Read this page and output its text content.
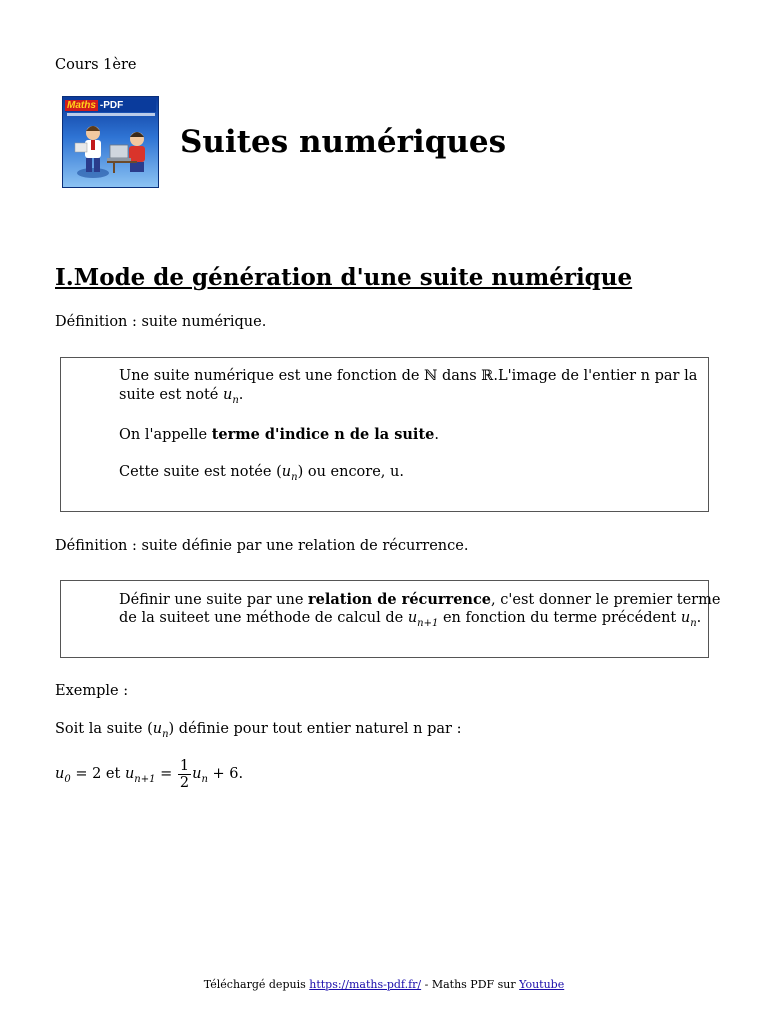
Cours 1ère
Maths -PDF
Suites numériques
I.Mode de génération d'une suite numérique
Définition : suite numérique.
Une suite numérique est une fonction de ℕ dans ℝ.L'image de l'entier n par la
suite est noté $u_n$.
On l'appelle terme d'indice n de la suite.
Cette suite est notée $(u_n)$ ou encore, u.
Définition : suite définie par une relation de récurrence.
Définir une suite par une relation de récurrence, c'est donner le premier terme
de la suiteet une méthode de calcul de $u_{n+1}$ en fonction du terme précédent $u_n$.
Exemple :
Soit la suite $(u_n)$ définie pour tout entier naturel n par :
$u_0 = 2$ et $u_{n+1} = \frac{1}{2} u_n + 6$.
Téléchargé depuis https://maths-pdf.fr/ - Maths PDF sur Youtube
